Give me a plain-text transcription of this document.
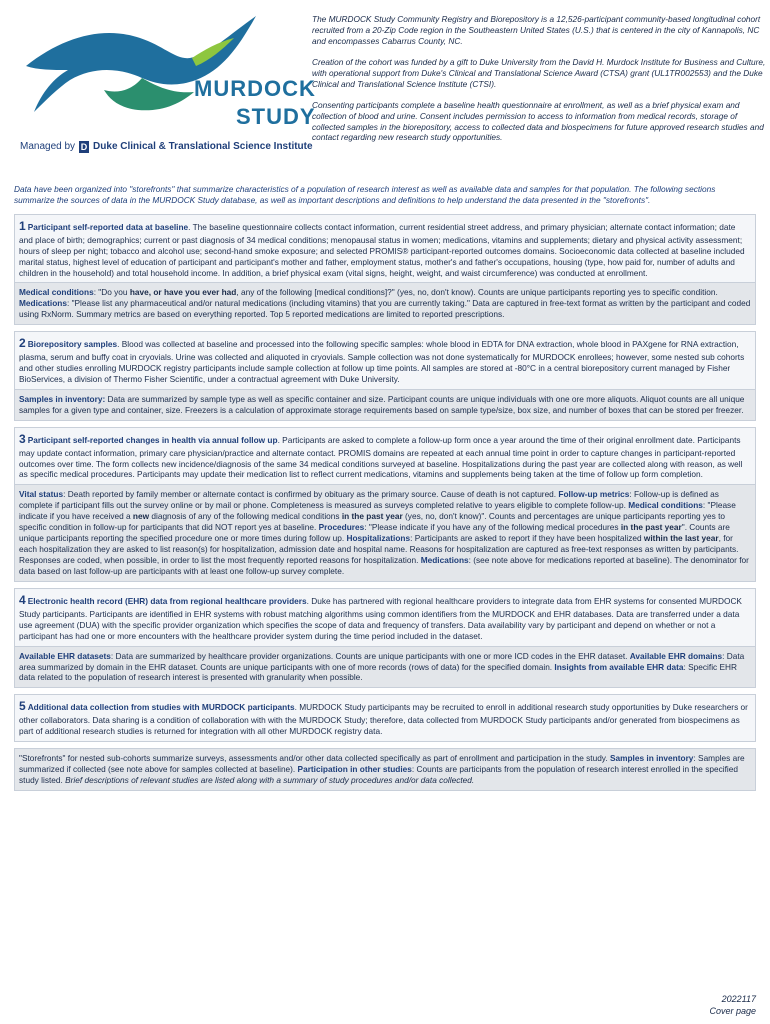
MURDOCK
STUDY
Managed by D Duke Clinical & Translational Science Institute

The MURDOCK Study Community Registry and Biorepository is a 12,526-participant community-based longitudinal cohort recruited from a 20-Zip Code region in the Southeastern United States (U.S.) that is centered in the city of Kannapolis, NC and encompasses Cabarrus County, NC.

Creation of the cohort was funded by a gift to Duke University from the David H. Murdock Institute for Business and Culture, with operational support from Duke's Clinical and Translational Science Award (CTSA) grant (UL1TR002553) and the Duke Clinical and Translational Science Institute (CTSI).

Consenting participants complete a baseline health questionnaire at enrollment, as well as a brief physical exam and collection of blood and urine. Consent includes permission to access to information from medical records, storage of collected samples in the biorepository, access to collected data and biospecimens for future approved research studies and contact regarding new research study opportunities.

Data have been organized into "storefronts" that summarize characteristics of a population of research interest as well as available data and samples for that population. The following sections summarize the sources of data in the MURDOCK Study database, as well as important descriptions and definitions to help understand the data presented in the "storefronts".

1 Participant self-reported data at baseline. The baseline questionnaire collects contact information, current residential street address, and primary physician; alternate contact information; date and place of birth; demographics; current or past diagnosis of 34 medical conditions; menopausal status in women; medications, vitamins and supplements; dietary and physical activity assessment; hours of sleep per night; tobacco and alcohol use; second-hand smoke exposure; and selected PROMIS® participant-reported outcomes domains. Socioeconomic data collected at baseline included marital status, highest level of education of participant and participant's mother and father, employment status, mother's and father's occupations, housing (type, how paid for, number of adults and children in the household) and total household income. In addition, a brief physical exam (vital signs, height, weight, and waist circumference) was conducted at enrollment.
Medical conditions: "Do you have, or have you ever had, any of the following [medical conditions]?" (yes, no, don't know). Counts are unique participants reporting yes to specific condition. Medications: "Please list any pharmaceutical and/or natural medications (including vitamins) that you are currently taking." Data are captured in free-text format as written by the participant and coded using RxNorm. Summary metrics are based on everything reported. Top 5 reported medications are limited to reported prescriptions.
2 Biorepository samples. Blood was collected at baseline and processed into the following specific samples: whole blood in EDTA for DNA extraction, whole blood in PAXgene for RNA extraction, plasma, serum and buffy coat in cryovials. Urine was collected and aliquoted in cryovials. Sample collection was not done systematically for MURDOCK enrollees; however, some nested sub cohorts and other studies enrolling MURDOCK registry participants include sample collection at follow up time points. All samples are stored at -80°C in a central biorepository current managed by Fisher BioServices, a division of Thermo Fisher Scientific, under a contractual agreement with Duke University.
Samples in inventory: Data are summarized by sample type as well as specific container and size. Participant counts are unique individuals with one ore more aliquots. Aliquot counts are all unique samples for a given type and container, size. Freezers is a calculation of approximate storage requirements based on sample type/size, box size, and number of boxes that can be stored per freezer.
3 Participant self-reported changes in health via annual follow up. Participants are asked to complete a follow-up form once a year around the time of their original enrollment date. Participants may update contact information, primary care physician/practice and alternate contact. PROMIS domains are repeated at each annual time point in order to capture changes in participant-reported outcomes over time. The form collects new incidence/diagnosis of the same 34 medical conditions surveyed at baseline. Hospitalizations during the past year are collected along with reason, as well as specific medical procedures. Participants may update their medication list to reflect current medications, vitamins and supplements being taken at the time of follow up form completion.
Vital status: Death reported by family member or alternate contact is confirmed by obituary as the primary source. Cause of death is not captured. Follow-up metrics: Follow-up is defined as complete if participant fills out the survey online or by mail or phone. Completeness is measured as surveys completed relative to years eligible to complete follow-up. Medical conditions: "Please indicate if you have received a new diagnosis of any of the following medical conditions in the past year (yes, no, don't know)". Counts and percentages are unique participants reporting yes to specific condition in follow-up for participants that did NOT report yes at baseline. Procedures: "Please indicate if you have any of the following medical procedures in the past year". Counts are unique participants reporting the specified procedure one or more times during follow up. Hospitalizations: Participants are asked to report if they have been hospitalized within the last year, for each hospitalization they are asked to list reason(s) for hospitalization, admission date and hospital name. Reasons for hospitalization are captured as free-text responses as written by participants. Responses are coded, when possible, in order to list the most frequently reported reasons for hospitalization. Medications: (see note above for medications reported at baseline). The denominator for data based on last follow-up are participants with at least one follow-up survey complete.
4 Electronic health record (EHR) data from regional healthcare providers. Duke has partnered with regional healthcare providers to integrate data from EHR systems for consented MURDOCK Study participants. Participants are identified in EHR systems with robust matching algorithms using common identifiers from the MURDOCK and EHR databases. Data are transferred under a data use agreement (DUA) with the specific provider organization which specifies the scope of data and frequency of transfers. Data availability vary by participant and depend on whether or not a participant has had one or more encounters with the healthcare provider system during the time period included in the dataset.
Available EHR datasets: Data are summarized by healthcare provider organizations. Counts are unique participants with one or more ICD codes in the EHR dataset. Available EHR domains: Data area summarized by domain in the EHR dataset. Counts are unique participants with one of more records (rows of data) for the specified domain. Insights from available EHR data: Specific EHR data related to the population of research interest is presented with granularity when possible.
5 Additional data collection from studies with MURDOCK participants. MURDOCK Study participants may be recruited to enroll in additional research study opportunities by Duke researchers or other collaborators. Data sharing is a condition of collaboration with with the MURDOCK Study; therefore, data collected from MURDOCK Study participants and/or generated from biospecimens as part of additional research studies is returned for integration with all other MURDOCK registry data.
"Storefronts" for nested sub-cohorts summarize surveys, assessments and/or other data collected specifically as part of enrollment and participation in the study. Samples in inventory: Samples are summarized if collected (see note above for samples collected at baseline). Participation in other studies: Counts are participants from the population of research interest enrolled in the specified study listed. Brief descriptions of relevant studies are listed along with a summary of study procedures and/or data collected.
2022117
Cover page
